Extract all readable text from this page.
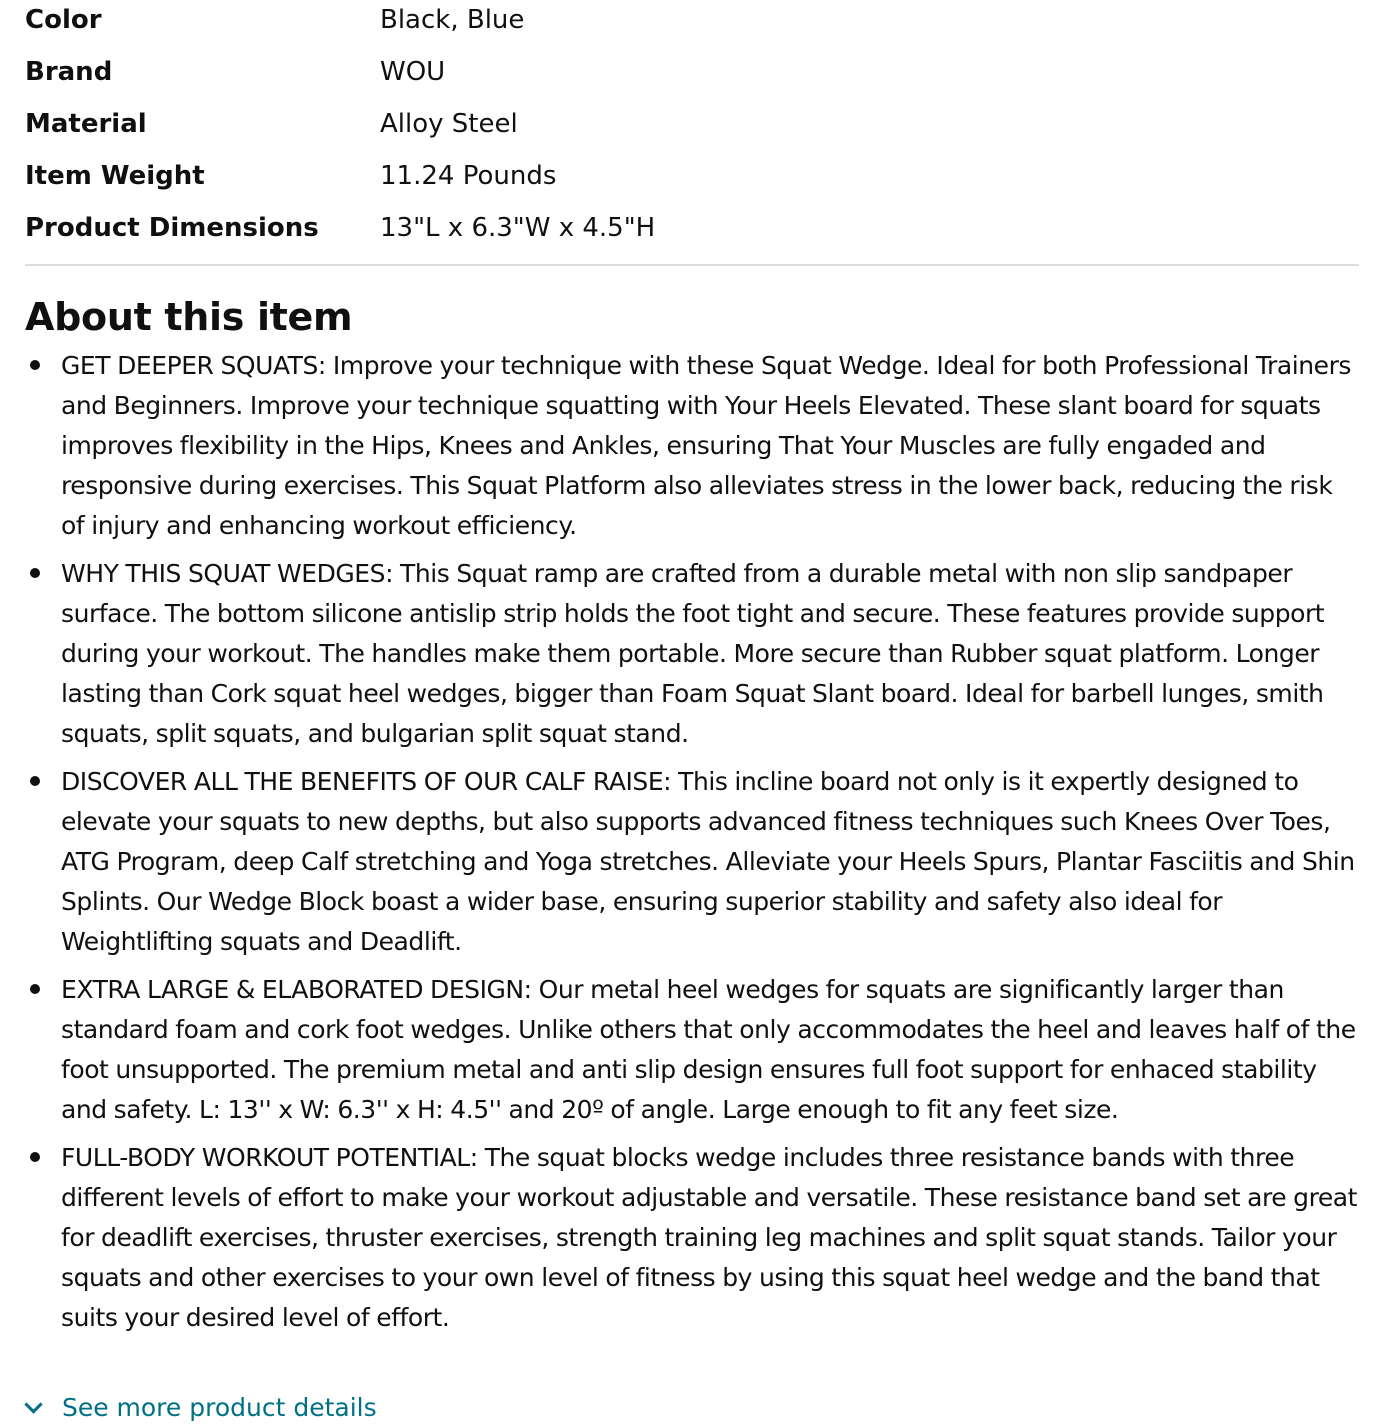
Color	Black, Blue
Brand	WOU
Material	Alloy Steel
Item Weight	11.24 Pounds
Product Dimensions	13"L x 6.3"W x 4.5"H
About this item
GET DEEPER SQUATS: Improve your technique with these Squat Wedge. Ideal for both Professional Trainers and Beginners. Improve your technique squatting with Your Heels Elevated. These slant board for squats improves flexibility in the Hips, Knees and Ankles, ensuring That Your Muscles are fully engaded and responsive during exercises. This Squat Platform also alleviates stress in the lower back, reducing the risk of injury and enhancing workout efficiency.
WHY THIS SQUAT WEDGES: This Squat ramp are crafted from a durable metal with non slip sandpaper surface. The bottom silicone antislip strip holds the foot tight and secure. These features provide support during your workout. The handles make them portable. More secure than Rubber squat platform. Longer lasting than Cork squat heel wedges, bigger than Foam Squat Slant board. Ideal for barbell lunges, smith squats, split squats, and bulgarian split squat stand.
DISCOVER ALL THE BENEFITS OF OUR CALF RAISE: This incline board not only is it expertly designed to elevate your squats to new depths, but also supports advanced fitness techniques such Knees Over Toes, ATG Program, deep Calf stretching and Yoga stretches. Alleviate your Heels Spurs, Plantar Fasciitis and Shin Splints. Our Wedge Block boast a wider base, ensuring superior stability and safety also ideal for Weightlifting squats and Deadlift.
EXTRA LARGE & ELABORATED DESIGN: Our metal heel wedges for squats are significantly larger than standard foam and cork foot wedges. Unlike others that only accommodates the heel and leaves half of the foot unsupported. The premium metal and anti slip design ensures full foot support for enhaced stability and safety. L: 13'' x W: 6.3'' x H: 4.5'' and 20º of angle. Large enough to fit any feet size.
FULL-BODY WORKOUT POTENTIAL: The squat blocks wedge includes three resistance bands with three different levels of effort to make your workout adjustable and versatile. These resistance band set are great for deadlift exercises, thruster exercises, strength training leg machines and split squat stands. Tailor your squats and other exercises to your own level of fitness by using this squat heel wedge and the band that suits your desired level of effort.
See more product details
